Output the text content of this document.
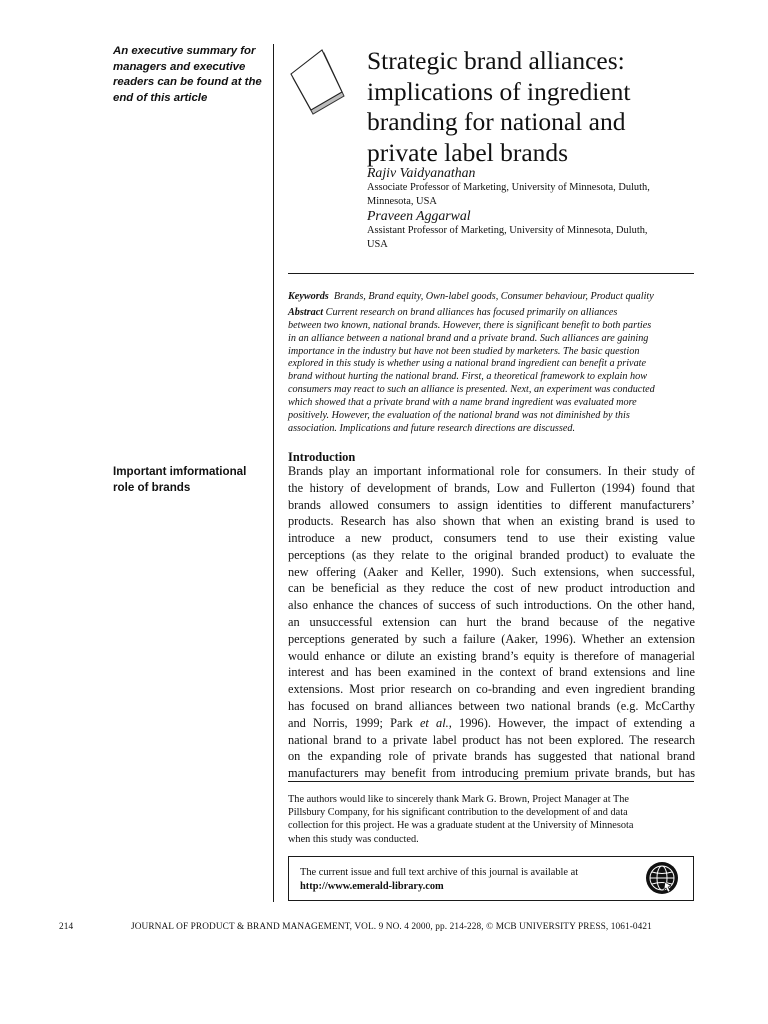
An executive summary for managers and executive readers can be found at the end of this article
Important imformational role of brands
Strategic brand alliances: implications of ingredient branding for national and private label brands
Rajiv Vaidyanathan
Associate Professor of Marketing, University of Minnesota, Duluth,
Minnesota, USA
Praveen Aggarwal
Assistant Professor of Marketing, University of Minnesota, Duluth,
USA
Keywords Brands, Brand equity, Own-label goods, Consumer behaviour, Product quality
Abstract Current research on brand alliances has focused primarily on alliances
between two known, national brands. However, there is significant benefit to both parties
in an alliance between a national brand and a private brand. Such alliances are gaining
importance in the industry but have not been studied by marketers. The basic question
explored in this study is whether using a national brand ingredient can benefit a private
brand without hurting the national brand. First, a theoretical framework to explain how
consumers may react to such an alliance is presented. Next, an experiment was conducted
which showed that a private brand with a name brand ingredient was evaluated more
positively. However, the evaluation of the national brand was not diminished by this
association. Implications and future research directions are discussed.
Introduction
Brands play an important informational role for consumers. In their study of
the history of development of brands, Low and Fullerton (1994) found that
brands allowed consumers to assign identities to different manufacturers’
products. Research has also shown that when an existing brand is used to
introduce a new product, consumers tend to use their existing value
perceptions (as they relate to the original branded product) to evaluate the
new offering (Aaker and Keller, 1990). Such extensions, when successful,
can be beneficial as they reduce the cost of new product introduction and
also enhance the chances of success of such introductions. On the other hand,
an unsuccessful extension can hurt the brand because of the negative
perceptions generated by such a failure (Aaker, 1996). Whether an extension
would enhance or dilute an existing brand’s equity is therefore of managerial
interest and has been examined in the context of brand extensions and line
extensions. Most prior research on co-branding and even ingredient branding
has focused on brand alliances between two national brands (e.g. McCarthy
and Norris, 1999; Park et al., 1996). However, the impact of extending a
national brand to a private label product has not been explored. The research
on the expanding role of private brands has suggested that national brand
manufacturers may benefit from introducing premium private brands, but has
The authors would like to sincerely thank Mark G. Brown, Project Manager at The
Pillsbury Company, for his significant contribution to the development of and data
collection for this project. He was a graduate student at the University of Minnesota
when this study was conducted.
The current issue and full text archive of this journal is available at
http://www.emerald-library.com
214	JOURNAL OF PRODUCT & BRAND MANAGEMENT, VOL. 9 NO. 4 2000, pp. 214-228, © MCB UNIVERSITY PRESS, 1061-0421
